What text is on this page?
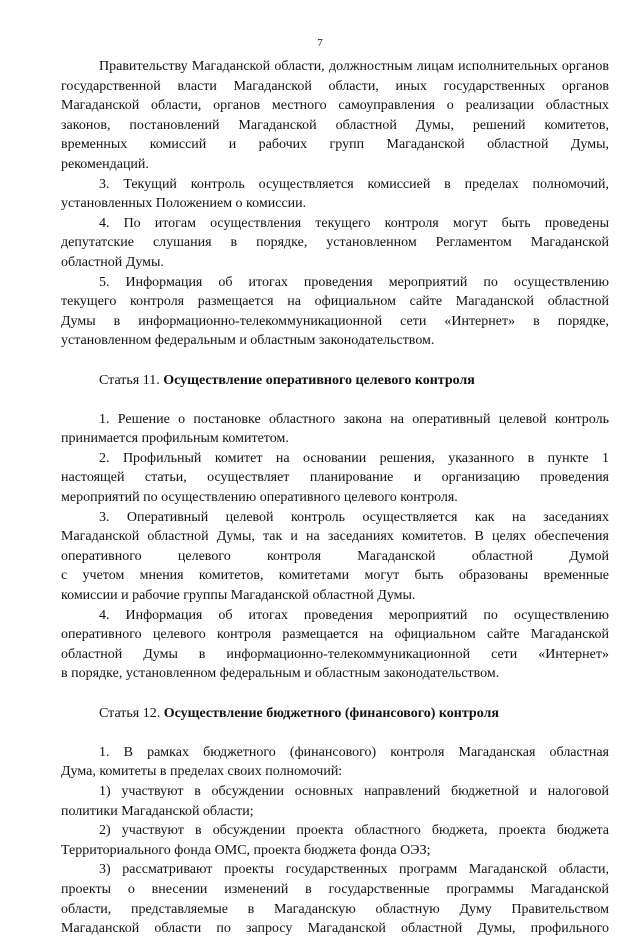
7
Правительству Магаданской области, должностным лицам исполнительных органов
государственной власти Магаданской области, иных государственных органов
Магаданской области, органов местного самоуправления о реализации областных
законов, постановлений Магаданской областной Думы, решений комитетов,
временных комиссий и рабочих групп Магаданской областной Думы,
рекомендаций.
3. Текущий контроль осуществляется комиссией в пределах полномочий,
установленных Положением о комиссии.
4. По итогам осуществления текущего контроля могут быть проведены
депутатские слушания в порядке, установленном Регламентом Магаданской
областной Думы.
5. Информация об итогах проведения мероприятий по осуществлению
текущего контроля размещается на официальном сайте Магаданской областной
Думы в информационно-телекоммуникационной сети «Интернет» в порядке,
установленном федеральным и областным законодательством.
Статья 11. Осуществление оперативного целевого контроля
1. Решение о постановке областного закона на оперативный целевой контроль
принимается профильным комитетом.
2. Профильный комитет на основании решения, указанного в пункте 1
настоящей статьи, осуществляет планирование и организацию проведения
мероприятий по осуществлению оперативного целевого контроля.
3. Оперативный целевой контроль осуществляется как на заседаниях
Магаданской областной Думы, так и на заседаниях комитетов. В целях обеспечения
оперативного целевого контроля Магаданской областной Думой
с учетом мнения комитетов, комитетами могут быть образованы временные
комиссии и рабочие группы Магаданской областной Думы.
4. Информация об итогах проведения мероприятий по осуществлению
оперативного целевого контроля размещается на официальном сайте Магаданской
областной Думы в информационно-телекоммуникационной сети «Интернет»
в порядке, установленном федеральным и областным законодательством.
Статья 12. Осуществление бюджетного (финансового) контроля
1. В рамках бюджетного (финансового) контроля Магаданская областная
Дума, комитеты в пределах своих полномочий:
1) участвуют в обсуждении основных направлений бюджетной и налоговой
политики Магаданской области;
2) участвуют в обсуждении проекта областного бюджета, проекта бюджета
Территориального фонда ОМС, проекта бюджета фонда ОЭЗ;
3) рассматривают проекты государственных программ Магаданской области,
проекты о внесении изменений в государственные программы Магаданской
области, представляемые в Магаданскую областную Думу Правительством
Магаданской области по запросу Магаданской областной Думы, профильного
